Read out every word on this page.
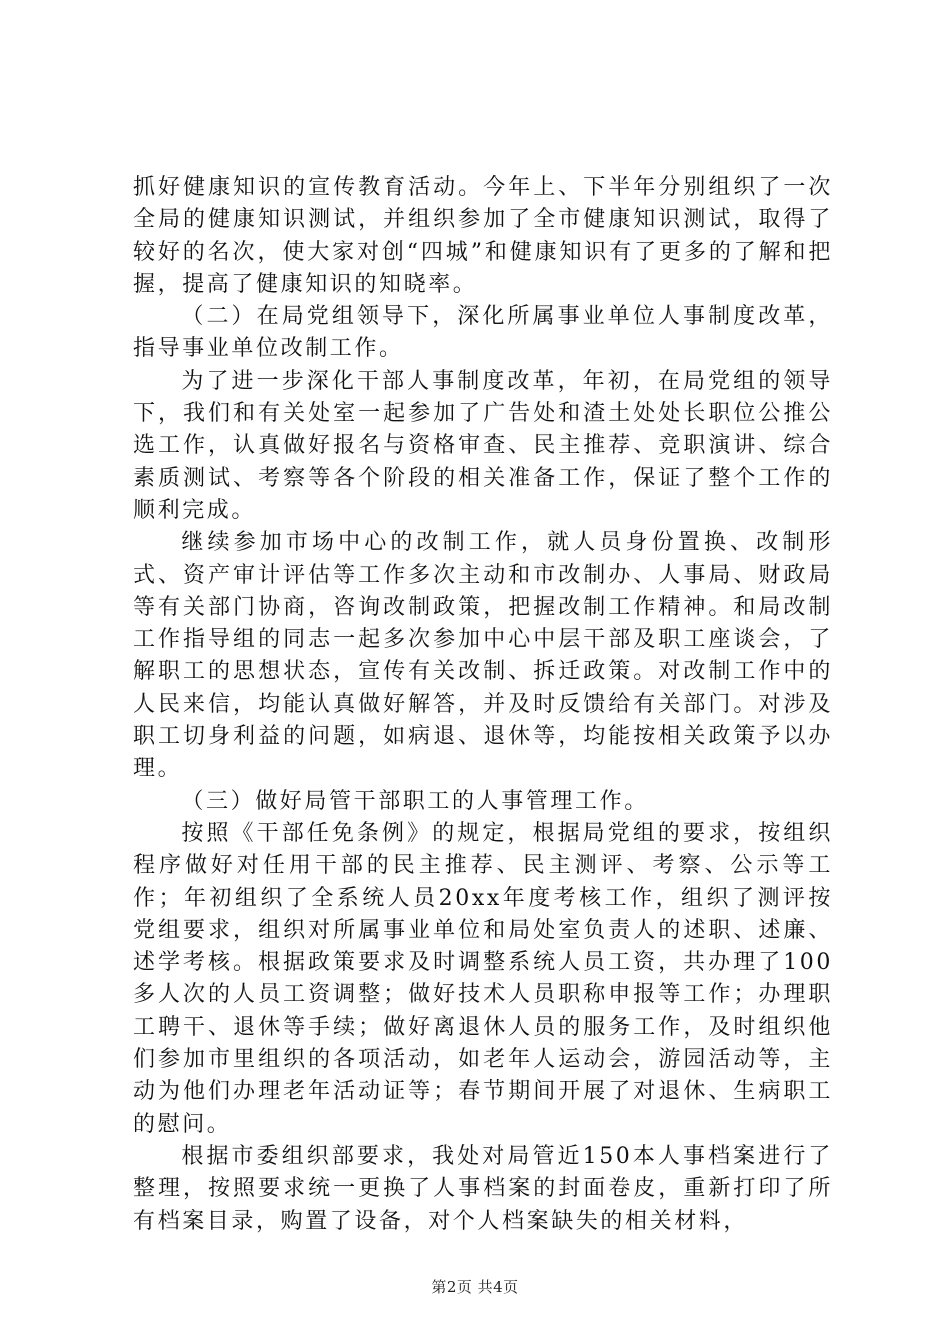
抓好健康知识的宣传教育活动。今年上、下半年分别组织了一次全局的健康知识测试，并组织参加了全市健康知识测试，取得了较好的名次，使大家对创“四城”和健康知识有了更多的了解和把握，提高了健康知识的知晓率。

（二）在局党组领导下，深化所属事业单位人事制度改革，指导事业单位改制工作。

为了进一步深化干部人事制度改革，年初，在局党组的领导下，我们和有关处室一起参加了广告处和渣土处处长职位公推公选工作，认真做好报名与资格审查、民主推荐、竞职演讲、综合素质测试、考察等各个阶段的相关准备工作，保证了整个工作的顺利完成。

继续参加市场中心的改制工作，就人员身份置换、改制形式、资产审计评估等工作多次主动和市改制办、人事局、财政局等有关部门协商，咨询改制政策，把握改制工作精神。和局改制工作指导组的同志一起多次参加中心中层干部及职工座谈会，了解职工的思想状态，宣传有关改制、拆迁政策。对改制工作中的人民来信，均能认真做好解答，并及时反馈给有关部门。对涉及职工切身利益的问题，如病退、退休等，均能按相关政策予以办理。

（三）做好局管干部职工的人事管理工作。

按照《干部任免条例》的规定，根据局党组的要求，按组织程序做好对任用干部的民主推荐、民主测评、考察、公示等工作；年初组织了全系统人员20xx年度考核工作，组织了测评按党组要求，组织对所属事业单位和局处室负责人的述职、述廉、述学考核。根据政策要求及时调整系统人员工资，共办理了100多人次的人员工资调整；做好技术人员职称申报等工作；办理职工聘干、退休等手续；做好离退休人员的服务工作，及时组织他们参加市里组织的各项活动，如老年人运动会，游园活动等，主动为他们办理老年活动证等；春节期间开展了对退休、生病职工的慰问。

根据市委组织部要求，我处对局管近150本人事档案进行了整理，按照要求统一更换了人事档案的封面卷皮，重新打印了所有档案目录，购置了设备，对个人档案缺失的相关材料，

第2页 共4页
